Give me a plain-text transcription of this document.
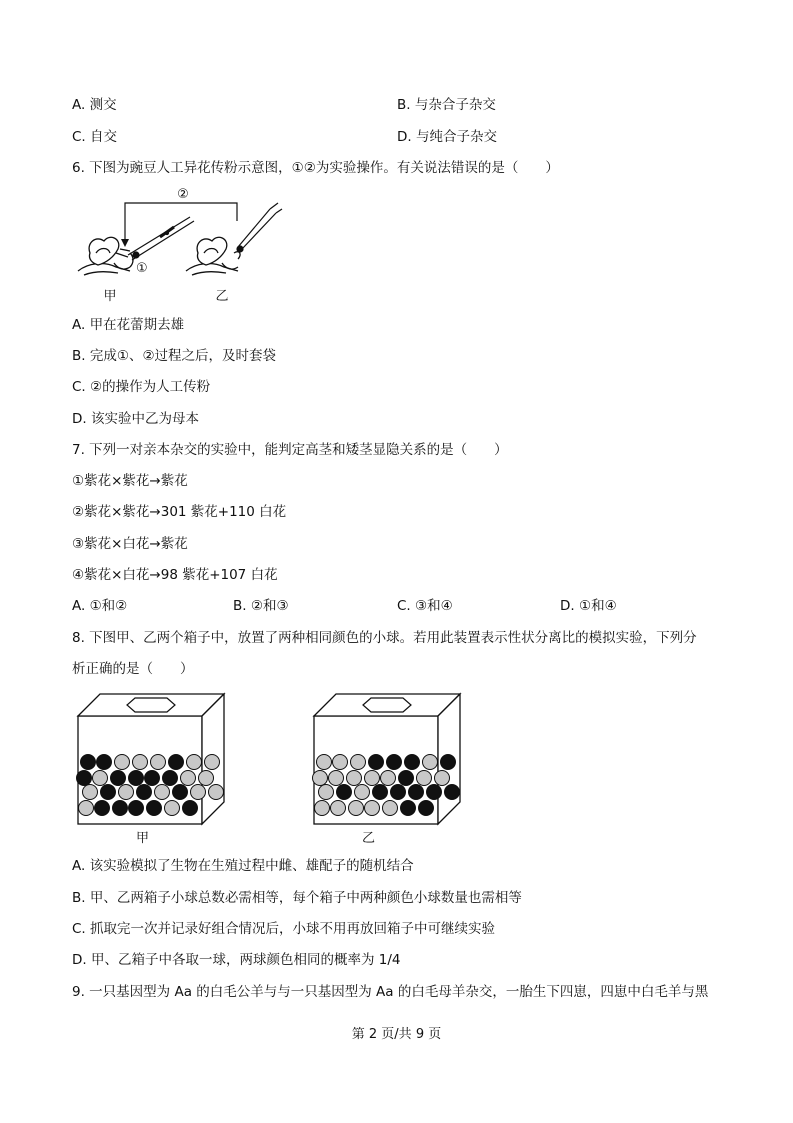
A. 测交	B. 与杂合子杂交
C. 自交	D. 与纯合子杂交
6. 下图为豌豆人工异花传粉示意图，①②为实验操作。有关说法错误的是（　　）
②
①
甲	乙
A. 甲在花蕾期去雄
B. 完成①、②过程之后，及时套袋
C. ②的操作为人工传粉
D. 该实验中乙为母本
7. 下列一对亲本杂交的实验中，能判定高茎和矮茎显隐关系的是（　　）
①紫花×紫花→紫花
②紫花×紫花→301 紫花+110 白花
③紫花×白花→紫花
④紫花×白花→98 紫花+107 白花
A. ①和②	B. ②和③	C. ③和④	D. ①和④
8. 下图甲、乙两个箱子中，放置了两种相同颜色的小球。若用此装置表示性状分离比的模拟实验，下列分
析正确的是（　　）
甲	乙
A. 该实验模拟了生物在生殖过程中雌、雄配子的随机结合
B. 甲、乙两箱子小球总数必需相等，每个箱子中两种颜色小球数量也需相等
C. 抓取完一次并记录好组合情况后，小球不用再放回箱子中可继续实验
D. 甲、乙箱子中各取一球，两球颜色相同的概率为 1/4
9. 一只基因型为 Aa 的白毛公羊与与一只基因型为 Aa 的白毛母羊杂交，一胎生下四崽，四崽中白毛羊与黑
第 2 页/共 9 页
